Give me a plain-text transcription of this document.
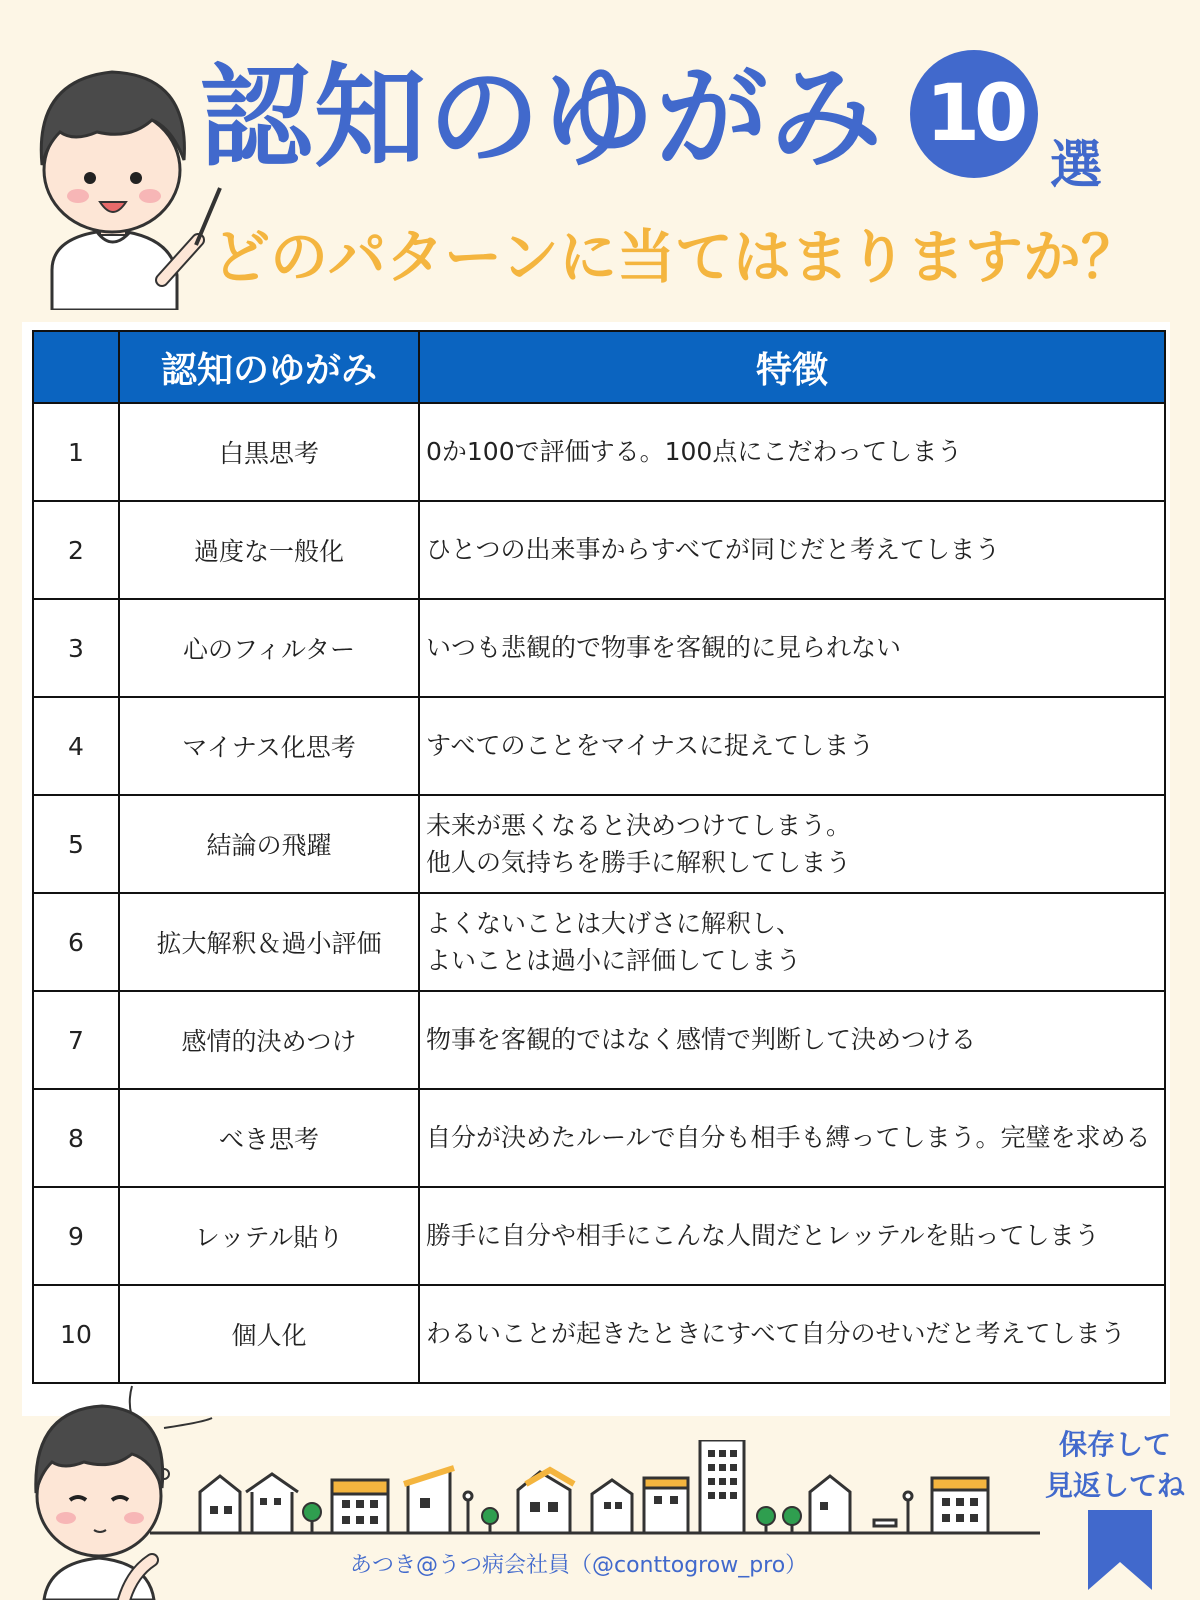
認知のゆがみ 10
選
どのパターンに当てはまりますか？
	認知のゆがみ	特徴
1	白黒思考	0か100で評価する。100点にこだわってしまう
2	過度な一般化	ひとつの出来事からすべてが同じだと考えてしまう
3	心のフィルター	いつも悲観的で物事を客観的に見られない
4	マイナス化思考	すべてのことをマイナスに捉えてしまう
5	結論の飛躍	未来が悪くなると決めつけてしまう。
他人の気持ちを勝手に解釈してしまう
6	拡大解釈＆過小評価	よくないことは大げさに解釈し、
よいことは過小に評価してしまう
7	感情的決めつけ	物事を客観的ではなく感情で判断して決めつける
8	べき思考	自分が決めたルールで自分も相手も縛ってしまう。完璧を求める
9	レッテル貼り	勝手に自分や相手にこんな人間だとレッテルを貼ってしまう
10	個人化	わるいことが起きたときにすべて自分のせいだと考えてしまう
保存して
見返してね
あつき@うつ病会社員（@conttogrow_pro）
